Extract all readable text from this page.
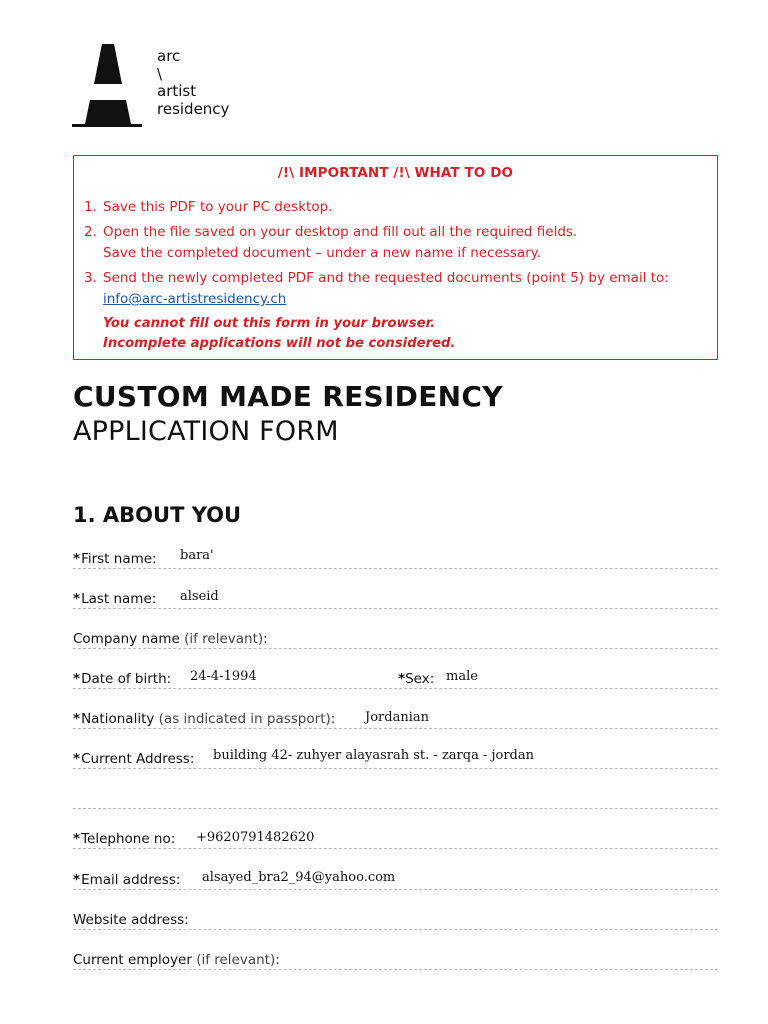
arc
\
artist
residency
/!\ IMPORTANT /!\ WHAT TO DO
1. Save this PDF to your PC desktop.
2. Open the file saved on your desktop and fill out all the required fields.
Save the completed document – under a new name if necessary.
3. Send the newly completed PDF and the requested documents (point 5) by email to:
info@arc-artistresidency.ch
You cannot fill out this form in your browser.
Incomplete applications will not be considered.
CUSTOM MADE RESIDENCY
APPLICATION FORM
1. ABOUT YOU
*First name: bara'
*Last name: alseid
Company name (if relevant):
*Date of birth: 24-4-1994	*Sex: male
*Nationality (as indicated in passport): Jordanian
*Current Address: building 42- zuhyer alayasrah st. - zarqa - jordan
*Telephone no: +9620791482620
*Email address: alsayed_bra2_94@yahoo.com
Website address:
Current employer (if relevant):
